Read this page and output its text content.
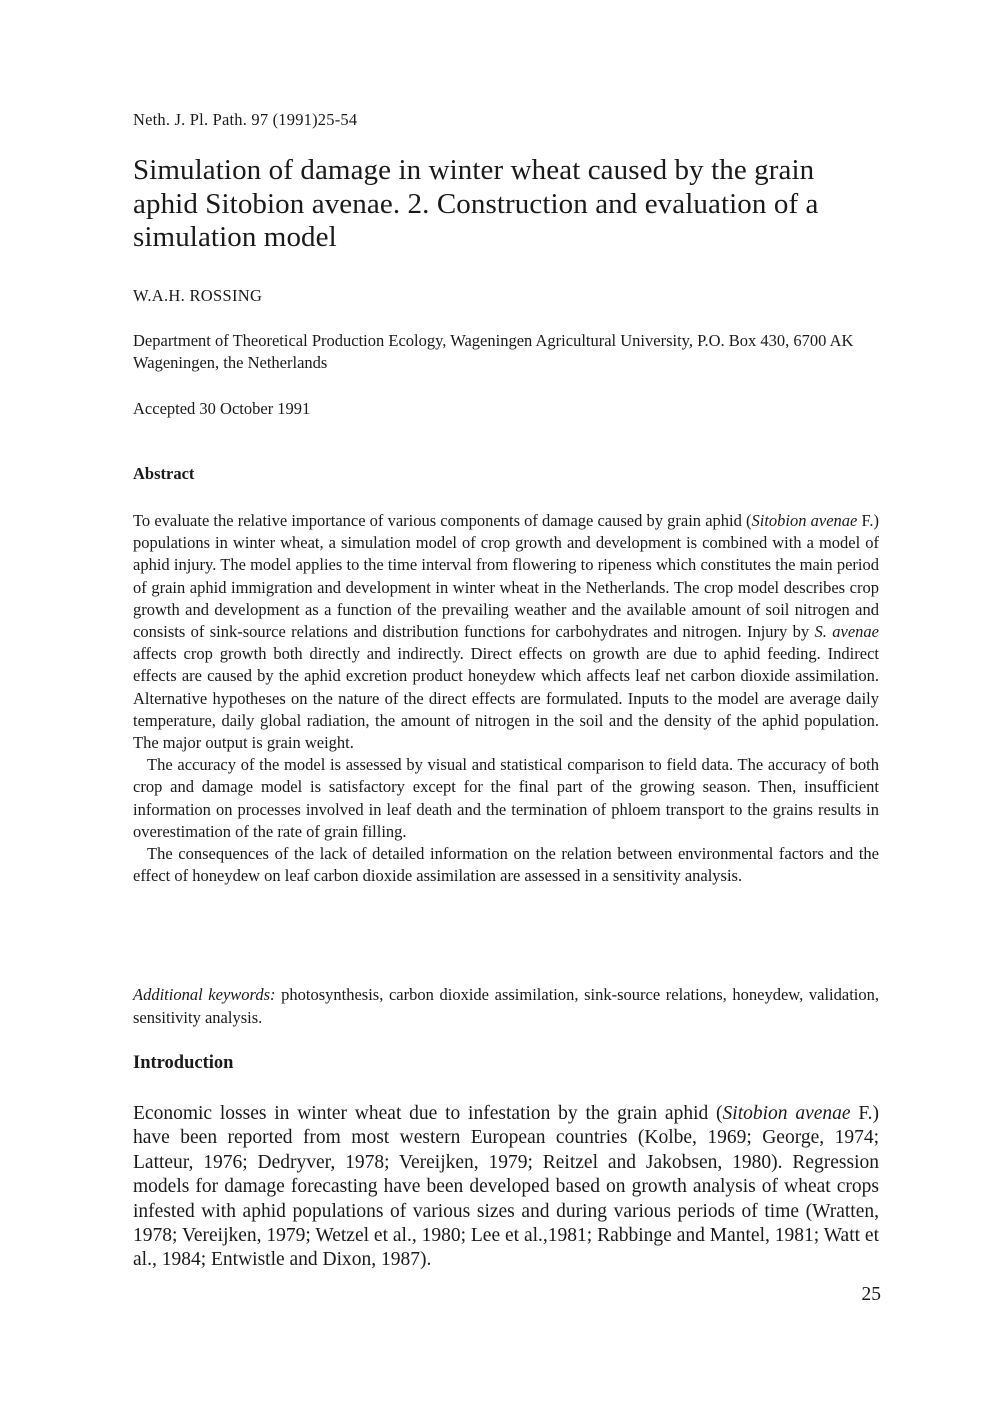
Neth. J. Pl. Path. 97 (1991)25-54
Simulation of damage in winter wheat caused by the grain aphid Sitobion avenae. 2. Construction and evaluation of a simulation model
W.A.H. ROSSING
Department of Theoretical Production Ecology, Wageningen Agricultural University, P.O. Box 430, 6700 AK Wageningen, the Netherlands
Accepted 30 October 1991
Abstract

To evaluate the relative importance of various components of damage caused by grain aphid (Sitobion avenae F.) populations in winter wheat, a simulation model of crop growth and development is combined with a model of aphid injury. The model applies to the time interval from flowering to ripeness which constitutes the main period of grain aphid immigration and development in winter wheat in the Netherlands. The crop model describes crop growth and development as a function of the prevailing weather and the available amount of soil nitrogen and consists of sink-source relations and distribution functions for carbohydrates and nitrogen. Injury by S. avenae affects crop growth both directly and indirectly. Direct effects on growth are due to aphid feeding. Indirect effects are caused by the aphid excretion product honeydew which affects leaf net carbon dioxide assimilation. Alternative hypotheses on the nature of the direct effects are formulated. Inputs to the model are average daily temperature, daily global radiation, the amount of nitrogen in the soil and the density of the aphid population. The major output is grain weight.

The accuracy of the model is assessed by visual and statistical comparison to field data. The accuracy of both crop and damage model is satisfactory except for the final part of the growing season. Then, insufficient information on processes involved in leaf death and the termination of phloem transport to the grains results in overestimation of the rate of grain filling.

The consequences of the lack of detailed information on the relation between environmental factors and the effect of honeydew on leaf carbon dioxide assimilation are assessed in a sensitivity analysis.

Additional keywords: photosynthesis, carbon dioxide assimilation, sink-source relations, honeydew, validation, sensitivity analysis.
Introduction

Economic losses in winter wheat due to infestation by the grain aphid (Sitobion avenae F.) have been reported from most western European countries (Kolbe, 1969; George, 1974; Latteur, 1976; Dedryver, 1978; Vereijken, 1979; Reitzel and Jakobsen, 1980). Regression models for damage forecasting have been developed based on growth analysis of wheat crops infested with aphid populations of various sizes and during various periods of time (Wratten, 1978; Vereijken, 1979; Wetzel et al., 1980; Lee et al.,1981; Rabbinge and Mantel, 1981; Watt et al., 1984; Entwistle and Dixon, 1987).

25
